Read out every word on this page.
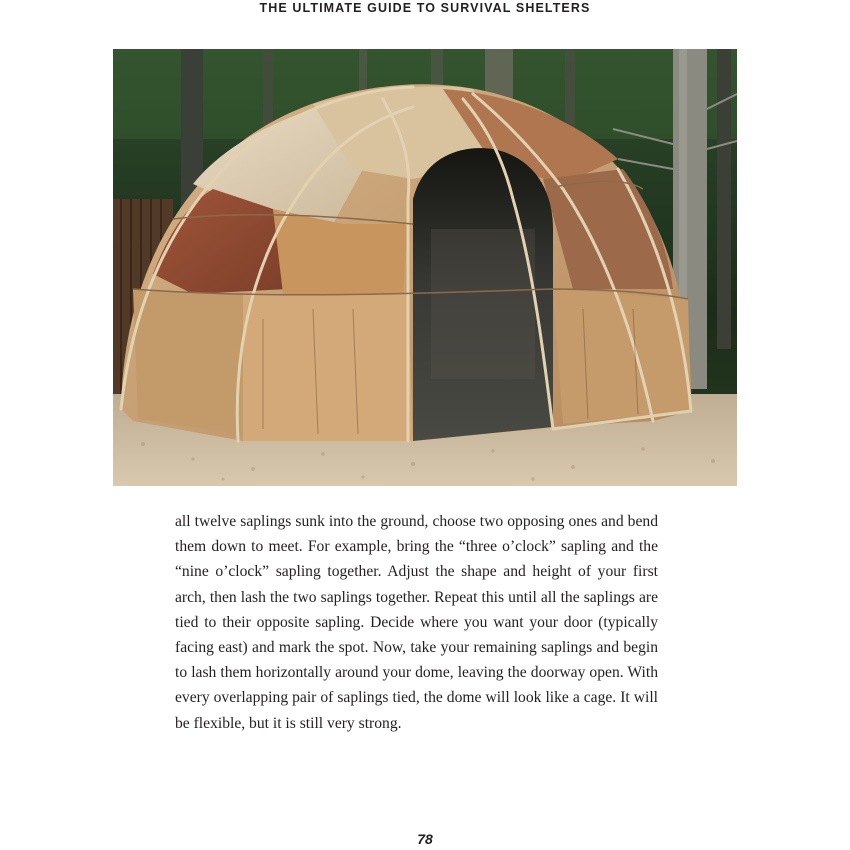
THE ULTIMATE GUIDE TO SURVIVAL SHELTERS

all twelve saplings sunk into the ground, choose two opposing ones and bend them down to meet. For example, bring the “three o’clock” sapling and the “nine o’clock” sapling together. Adjust the shape and height of your first arch, then lash the two saplings together. Repeat this until all the saplings are tied to their opposite sapling. Decide where you want your door (typically facing east) and mark the spot. Now, take your remaining saplings and begin to lash them horizontally around your dome, leaving the doorway open. With every overlapping pair of saplings tied, the dome will look like a cage. It will be flexible, but it is still very strong.

78
